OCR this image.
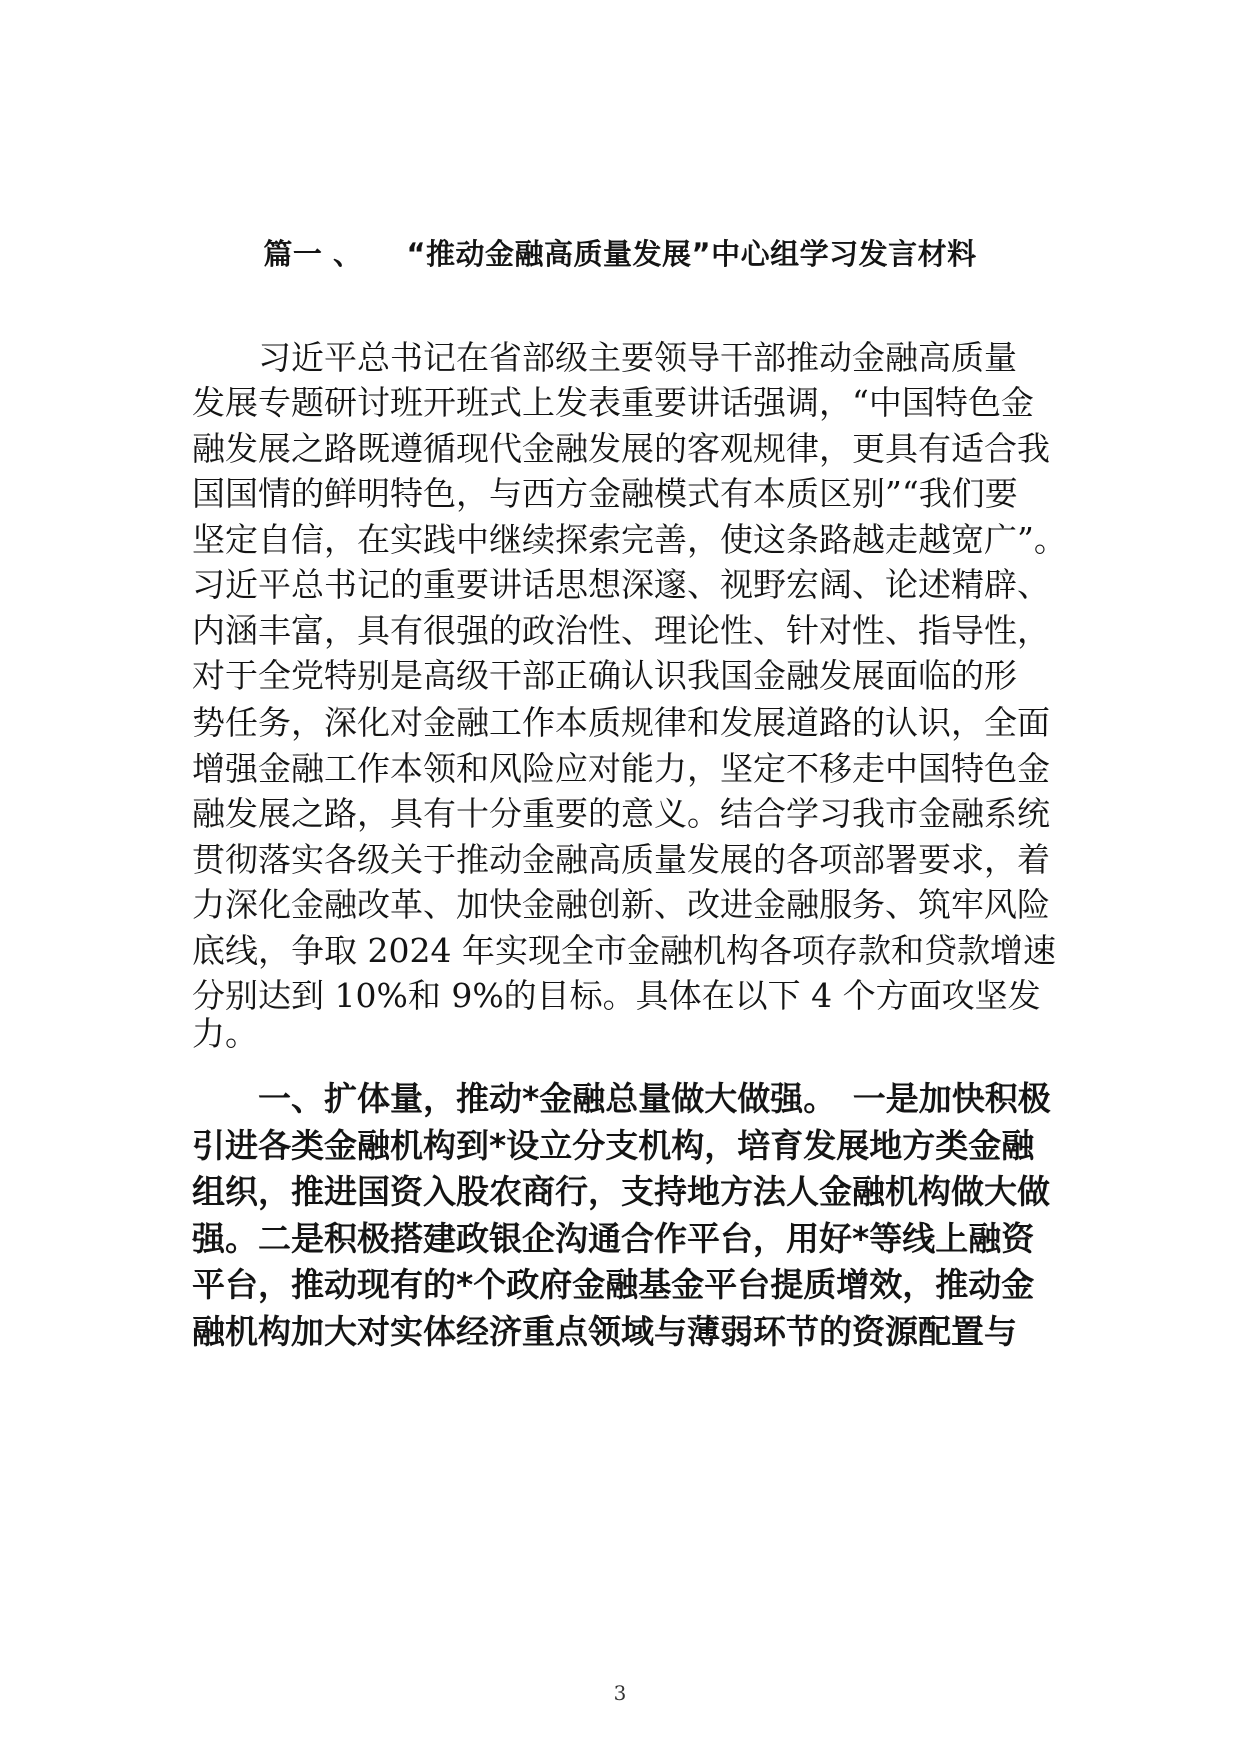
篇一 、 “推动金融高质量发展”中心组学习发言材料
　　习近平总书记在省部级主要领导干部推动金融高质量
发展专题研讨班开班式上发表重要讲话强调，“中国特色金
融发展之路既遵循现代金融发展的客观规律，更具有适合我
国国情的鲜明特色，与西方金融模式有本质区别”“我们要
坚定自信，在实践中继续探索完善，使这条路越走越宽广”。
习近平总书记的重要讲话思想深邃、视野宏阔、论述精辟、
内涵丰富，具有很强的政治性、理论性、针对性、指导性，
对于全党特别是高级干部正确认识我国金融发展面临的形
势任务，深化对金融工作本质规律和发展道路的认识，全面
增强金融工作本领和风险应对能力，坚定不移走中国特色金
融发展之路，具有十分重要的意义。结合学习我市金融系统
贯彻落实各级关于推动金融高质量发展的各项部署要求，着
力深化金融改革、加快金融创新、改进金融服务、筑牢风险
底线，争取 2024 年实现全市金融机构各项存款和贷款增速
分别达到 10%和 9%的目标。具体在以下 4 个方面攻坚发
力。
　　一、扩体量，推动*金融总量做大做强。　一是加快积极
引进各类金融机构到*设立分支机构，培育发展地方类金融
组织，推进国资入股农商行，支持地方法人金融机构做大做
强。二是积极搭建政银企沟通合作平台，用好*等线上融资
平台，推动现有的*个政府金融基金平台提质增效，推动金
融机构加大对实体经济重点领域与薄弱环节的资源配置与
3
